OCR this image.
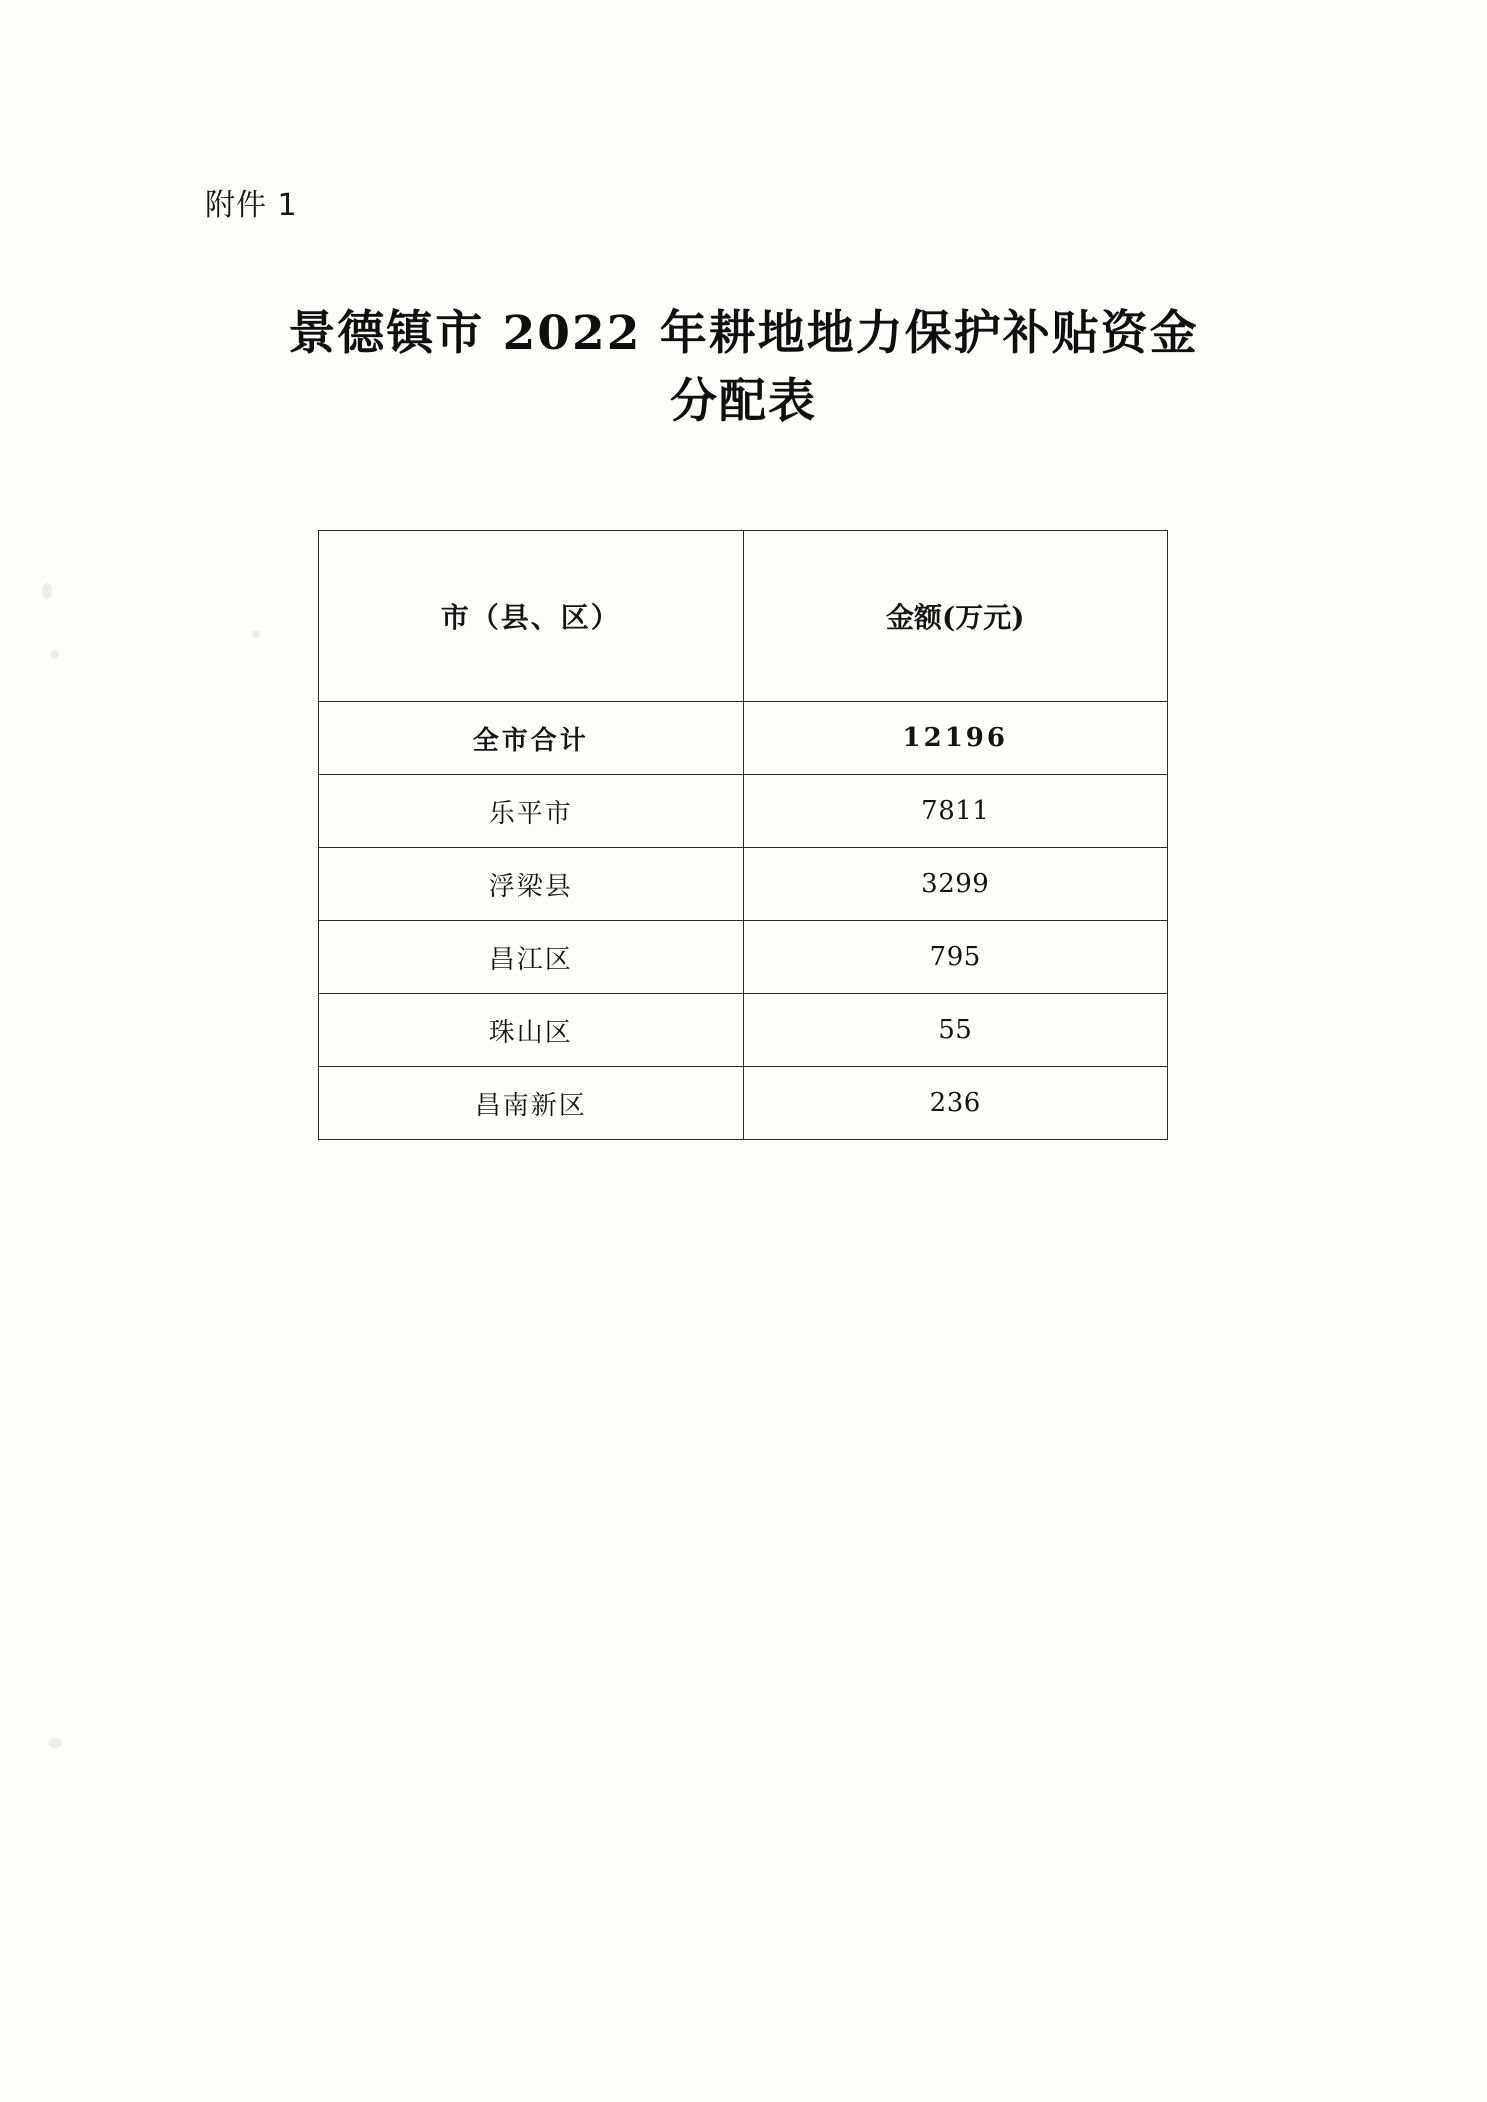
附件 1
景德镇市 2022 年耕地地力保护补贴资金
分配表
市（县、区）	金额(万元)
全市合计	12196
乐平市	7811
浮梁县	3299
昌江区	795
珠山区	55
昌南新区	236
